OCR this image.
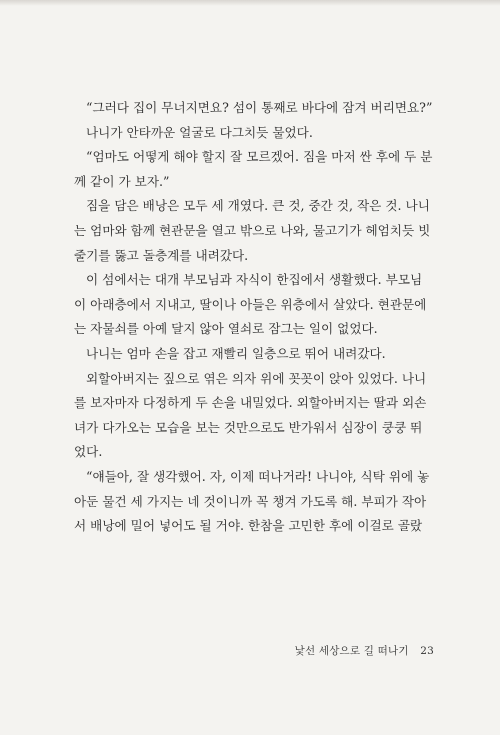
“그러다 집이 무너지면요? 섬이 통째로 바다에 잠겨 버리면요?”
나니가 안타까운 얼굴로 다그치듯 물었다.
“엄마도 어떻게 해야 할지 잘 모르겠어. 짐을 마저 싼 후에 두 분
께 같이 가 보자.”
짐을 담은 배낭은 모두 세 개였다. 큰 것, 중간 것, 작은 것. 나니
는 엄마와 함께 현관문을 열고 밖으로 나와, 물고기가 헤엄치듯 빗
줄기를 뚫고 돌층계를 내려갔다.
이 섬에서는 대개 부모님과 자식이 한집에서 생활했다. 부모님
이 아래층에서 지내고, 딸이나 아들은 위층에서 살았다. 현관문에
는 자물쇠를 아예 달지 않아 열쇠로 잠그는 일이 없었다.
나니는 엄마 손을 잡고 재빨리 일층으로 뛰어 내려갔다.
외할아버지는 짚으로 엮은 의자 위에 꼿꼿이 앉아 있었다. 나니
를 보자마자 다정하게 두 손을 내밀었다. 외할아버지는 딸과 외손
녀가 다가오는 모습을 보는 것만으로도 반가워서 심장이 쿵쿵 뛰
었다.
“얘들아, 잘 생각했어. 자, 이제 떠나거라! 나니야, 식탁 위에 놓
아둔 물건 세 가지는 네 것이니까 꼭 챙겨 가도록 해. 부피가 작아
서 배낭에 밀어 넣어도 될 거야. 한참을 고민한 후에 이걸로 골랐
낯선 세상으로 길 떠나기 23
